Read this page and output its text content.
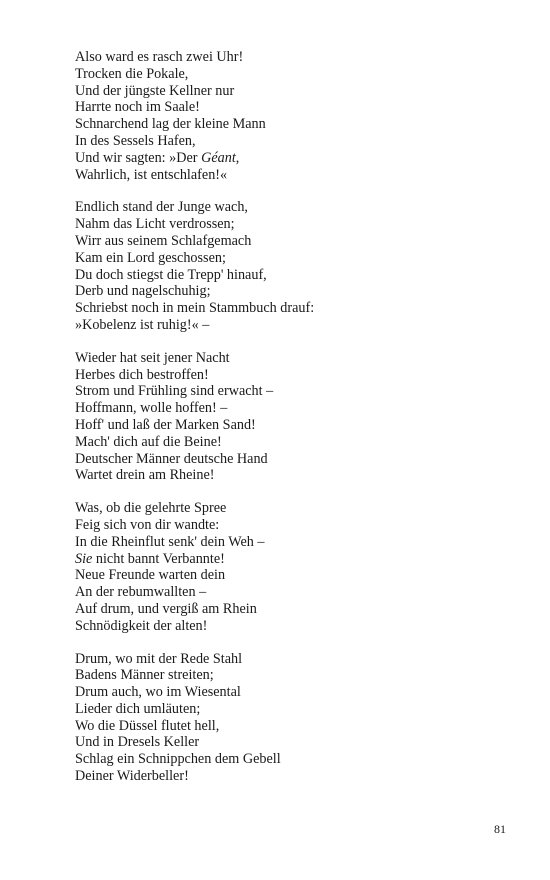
Also ward es rasch zwei Uhr!
Trocken die Pokale,
Und der jüngste Kellner nur
Harrte noch im Saale!
Schnarchend lag der kleine Mann
In des Sessels Hafen,
Und wir sagten: »Der Géant,
Wahrlich, ist entschlafen!«
Endlich stand der Junge wach,
Nahm das Licht verdrossen;
Wirr aus seinem Schlafgemach
Kam ein Lord geschossen;
Du doch stiegst die Trepp' hinauf,
Derb und nagelschuhig;
Schriebst noch in mein Stammbuch drauf:
»Kobelenz ist ruhig!« –
Wieder hat seit jener Nacht
Herbes dich bestroffen!
Strom und Frühling sind erwacht –
Hoffmann, wolle hoffen! –
Hoff' und laß der Marken Sand!
Mach' dich auf die Beine!
Deutscher Männer deutsche Hand
Wartet drein am Rheine!
Was, ob die gelehrte Spree
Feig sich von dir wandte:
In die Rheinflut senk' dein Weh –
Sie nicht bannt Verbannte!
Neue Freunde warten dein
An der rebumwallten –
Auf drum, und vergiß am Rhein
Schnödigkeit der alten!
Drum, wo mit der Rede Stahl
Badens Männer streiten;
Drum auch, wo im Wiesental
Lieder dich umläuten;
Wo die Düssel flutet hell,
Und in Dresels Keller
Schlag ein Schnippchen dem Gebell
Deiner Widerbeller!
81
